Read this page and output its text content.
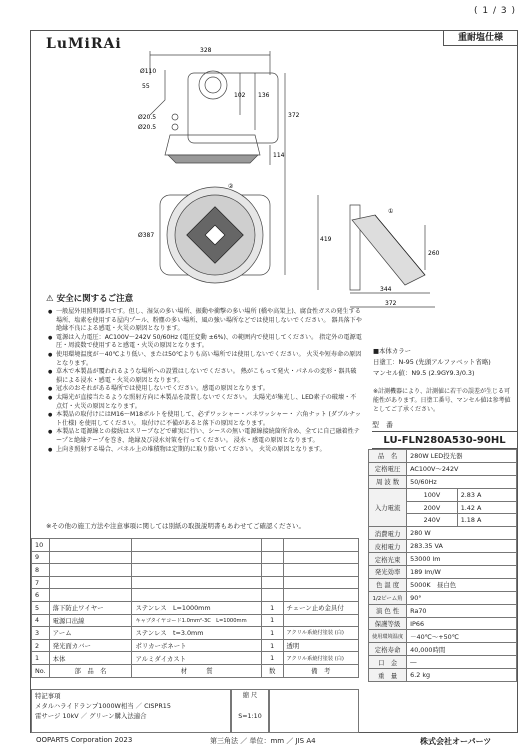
( 1 / 3 )
LuMiRAi	重耐塩仕様
328
Ø110
55
102 136
Ø20.5
Ø20.5
372
114
Ø387
419
260
344
372
②
①
⚠ 安全に関するご注意
● 一般屋外用照明器具です。但し、湿気の多い場所、振動や衝撃の多い場所 (橋や高架上)、腐食性ガスの発生する場所、塩素を使用する屋内プール、粉塵の多い場所、風の強い場所などでは使用しないでください。 器具落下や絶縁不良による感電・火災の原因となります。
● 電源は入力電圧：AC100V～242V 50/60Hz (電圧変動 ±6%)、の範囲内で使用してください。 指定外の電源電圧・周波数で使用すると感電・火災の原因となります。
● 使用環境温度が－40℃より低い、または50℃よりも高い場所では使用しないでください。 火災や短寿命の原因となります。
● 草木で本製品が覆われるような場所への設置はしないでください。 熱がこもって発火・パネルの変形・器具破損による浸水・感電・火災の原因となります。
● 冠水のおそれがある場所では使用しないでください。感電の原因となります。
● 太陽光が直接当たるような照射方向に本製品を設置しないでください。 太陽光が集光し、LED素子の破壊・不点灯・火災の原因となります。
● 本製品の取付けにはM16～M18ボルトを使用して、必ずワッシャー・バネワッシャー・ 六角ナット (ダブルナット仕様) を使用してください。 取付けに不備があると落下の原因となります。
● 本製品と電源線との接続はスリーブなどで確実に行い、シースの無い電源線接続箇所含め、全てに自己融着性テープと絶縁テープを巻き、絶縁及び浸水対策を行ってください。 浸水・感電の原因となります。
● 上向き照射する場合、パネル上の堆積物は定期的に取り除いてください。 火災の原因となります。
※その他の施工方法や注意事項に関しては別紙の取扱説明書もあわせてご確認ください。
■本体カラー
日塗工：N-95 (先頭アルファベット省略)
マンセル値：N9.5 (2.9GY9.3/0.3)
※計測機器により、計測値に若干の誤差が生じる可能性があります。日塗工番号、マンセル値は参考値としてご了承ください。
型　番
LU-FLN280A530-90HL
品　名	280W LED投光器	
定格電圧	AC100V～242V	
周 波 数	50/60Hz	
入力電流	100V	2.83 A
	200V	1.42 A
	240V	1.18 A
消費電力	280 W	
皮相電力	283.35 VA	
定格光束	53000 lm	
発光効率	189 lm/W	
色 温 度	5000K　昼白色	
1/2ビーム角	90°	
演 色 性	Ra70	
保護等級	IP66	
使用環境温度	－40℃～+50℃	
定格寿命	40,000時間	
口　金	―	
重　量	6.2 kg	
10				
9				
8				
7				
6				
5	落下防止ワイヤー	ステンレス　L=1000mm	1	チェーン止め金具付
4	電源口出線	キャブタイヤコード1.0mm²-3C　L=1000mm	1	
3	アーム	ステンレス　t=3.0mm	1	アクリル系焼付塗装 (白)
2	発光面カバー	ポリカーボネート	1	透明
1	本体	アルミダイカスト	1	アクリル系焼付塗装 (白)
No.	部　品　名	材　　　質	数	備　考
特記事項
メタルハライドランプ1000W相当 ／ CISPR15
雷サージ 10kV ／ グリーン購入法適合
縮 尺
S=1:10
OOPARTS Corporation 2023	第三角法 ／ 単位：mm ／ JIS A4	株式会社オーパーツ
